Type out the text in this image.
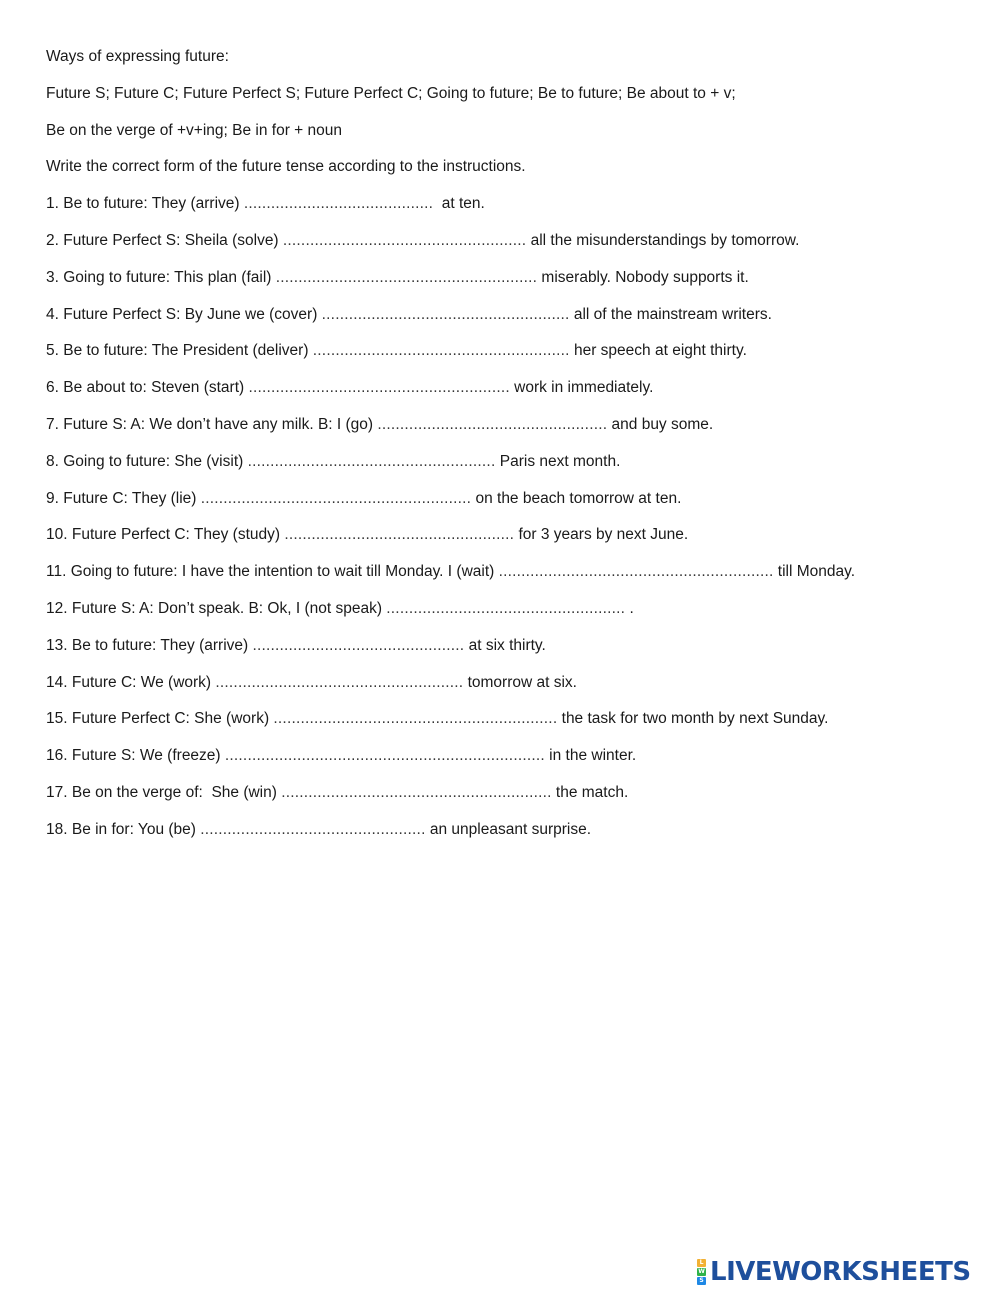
Ways of expressing future:
Future S; Future C; Future Perfect S; Future Perfect C; Going to future; Be to future; Be about to + v;
Be on the verge of +v+ing; Be in for + noun
Write the correct form of the future tense according to the instructions.
1. Be to future: They (arrive) ..........................................  at ten.
2. Future Perfect S: Sheila (solve) ...................................................... all the misunderstandings by tomorrow.
3. Going to future: This plan (fail) .......................................................... miserably. Nobody supports it.
4. Future Perfect S: By June we (cover) ....................................................... all of the mainstream writers.
5. Be to future: The President (deliver) ......................................................... her speech at eight thirty.
6. Be about to: Steven (start) .......................................................... work in immediately.
7. Future S: A: We don’t have any milk. B: I (go) ................................................... and buy some.
8. Going to future: She (visit) ....................................................... Paris next month.
9. Future C: They (lie) ............................................................ on the beach tomorrow at ten.
10. Future Perfect C: They (study) ................................................... for 3 years by next June.
11. Going to future: I have the intention to wait till Monday. I (wait) ............................................................. till Monday.
12. Future S: A: Don’t speak. B: Ok, I (not speak) ..................................................... .
13. Be to future: They (arrive) ............................................... at six thirty.
14. Future C: We (work) ....................................................... tomorrow at six.
15. Future Perfect C: She (work) ............................................................... the task for two month by next Sunday.
16. Future S: We (freeze) ....................................................................... in the winter.
17. Be on the verge of:  She (win) ............................................................ the match.
18. Be in for: You (be) .................................................. an unpleasant surprise.
L
W
S LIVEWORKSHEETS
